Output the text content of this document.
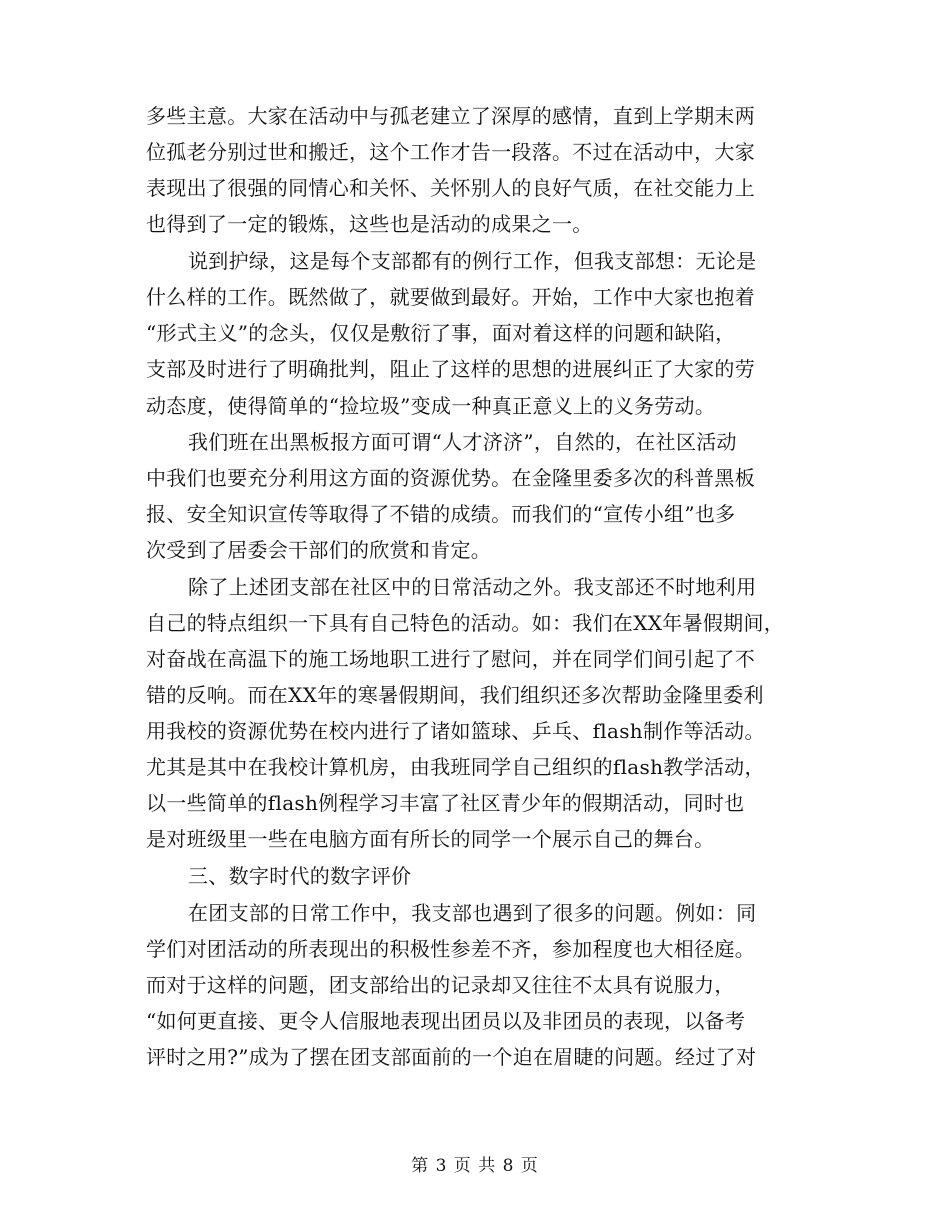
多些主意。大家在活动中与孤老建立了深厚的感情，直到上学期末两
位孤老分别过世和搬迁，这个工作才告一段落。不过在活动中，大家
表现出了很强的同情心和关怀、关怀别人的良好气质，在社交能力上
也得到了一定的锻炼，这些也是活动的成果之一。
说到护绿，这是每个支部都有的例行工作，但我支部想：无论是
什么样的工作。既然做了，就要做到最好。开始，工作中大家也抱着
“形式主义”的念头，仅仅是敷衍了事，面对着这样的问题和缺陷，
支部及时进行了明确批判，阻止了这样的思想的进展纠正了大家的劳
动态度，使得简单的“捡垃圾”变成一种真正意义上的义务劳动。
我们班在出黑板报方面可谓“人才济济”，自然的，在社区活动
中我们也要充分利用这方面的资源优势。在金隆里委多次的科普黑板
报、安全知识宣传等取得了不错的成绩。而我们的“宣传小组”也多
次受到了居委会干部们的欣赏和肯定。
除了上述团支部在社区中的日常活动之外。我支部还不时地利用
自己的特点组织一下具有自己特色的活动。如：我们在XX年暑假期间，
对奋战在高温下的施工场地职工进行了慰问，并在同学们间引起了不
错的反响。而在XX年的寒暑假期间，我们组织还多次帮助金隆里委利
用我校的资源优势在校内进行了诸如篮球、乒乓、flash制作等活动。
尤其是其中在我校计算机房，由我班同学自己组织的flash教学活动，
以一些简单的flash例程学习丰富了社区青少年的假期活动，同时也
是对班级里一些在电脑方面有所长的同学一个展示自己的舞台。
三、数字时代的数字评价
在团支部的日常工作中，我支部也遇到了很多的问题。例如：同
学们对团活动的所表现出的积极性参差不齐，参加程度也大相径庭。
而对于这样的问题，团支部给出的记录却又往往不太具有说服力，
“如何更直接、更令人信服地表现出团员以及非团员的表现，以备考
评时之用?”成为了摆在团支部面前的一个迫在眉睫的问题。经过了对
第 3 页 共 8 页
